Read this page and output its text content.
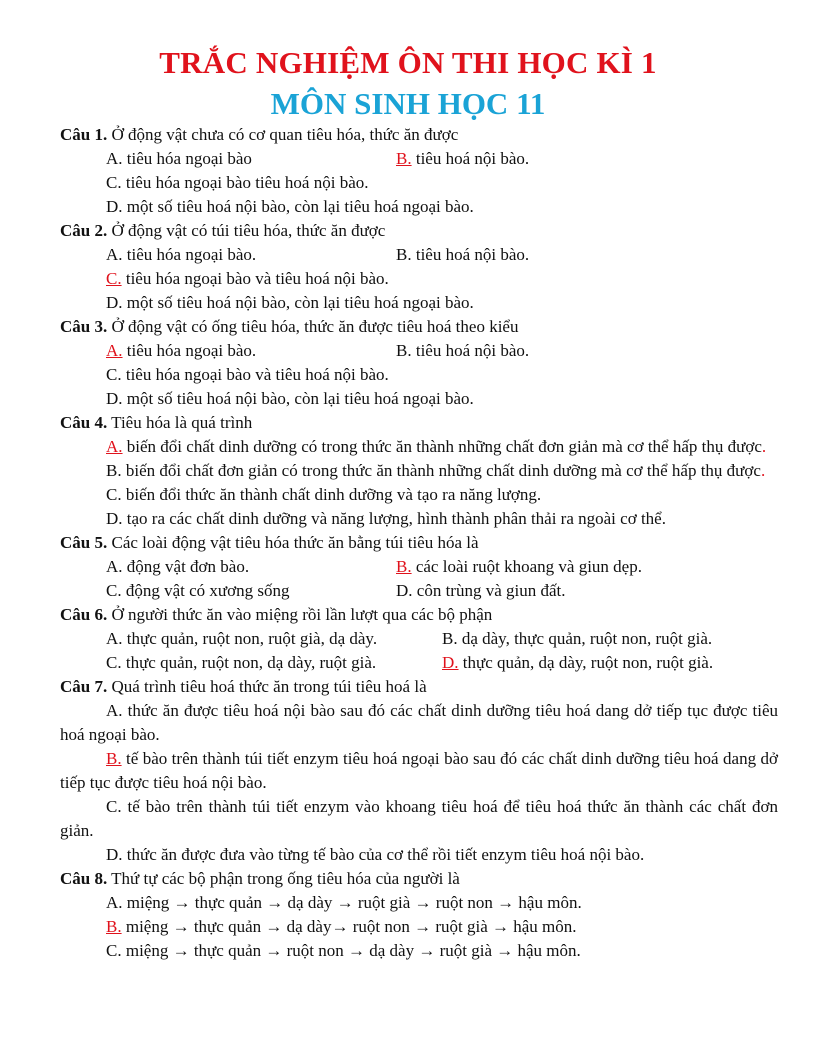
TRẮC NGHIỆM ÔN THI HỌC KÌ 1
MÔN SINH HỌC 11

Câu 1. Ở động vật chưa có cơ quan tiêu hóa, thức ăn được

A. tiêu hóa ngoại bào	B. tiêu hoá nội bào.
C. tiêu hóa ngoại bào tiêu hoá nội bào.
D. một số tiêu hoá nội bào, còn lại tiêu hoá ngoại bào.

Câu 2. Ở động vật có túi tiêu hóa, thức ăn được

A. tiêu hóa ngoại bào.	B. tiêu hoá nội bào.
C. tiêu hóa ngoại bào và tiêu hoá nội bào.
D. một số tiêu hoá nội bào, còn lại tiêu hoá ngoại bào.

Câu 3. Ở động vật có ống tiêu hóa, thức ăn được tiêu hoá theo kiểu

A. tiêu hóa ngoại bào.	B. tiêu hoá nội bào.
C. tiêu hóa ngoại bào và tiêu hoá nội bào.
D. một số tiêu hoá nội bào, còn lại tiêu hoá ngoại bào.

Câu 4. Tiêu hóa là quá trình

A. biến đổi chất dinh dưỡng có trong thức ăn thành những chất đơn giản mà cơ thể hấp thụ được.

B. biến đổi chất đơn giản có trong thức ăn thành những chất dinh dưỡng mà cơ thể hấp thụ được.

C. biến đổi thức ăn thành chất dinh dưỡng và tạo ra năng lượng.
D. tạo ra các chất dinh dưỡng và năng lượng, hình thành phân thải ra ngoài cơ thể.

Câu 5. Các loài động vật tiêu hóa thức ăn bằng túi tiêu hóa là

A. động vật đơn bào.	B. các loài ruột khoang và giun dẹp.
C. động vật có xương sống	D. côn trùng và giun đất.

Câu 6. Ở người thức ăn vào miệng rồi lần lượt qua các bộ phận

A. thực quản, ruột non, ruột già, dạ dày.	B. dạ dày, thực quản, ruột non, ruột già.
C. thực quản, ruột non, dạ dày, ruột già.	D. thực quản, dạ dày, ruột non, ruột già.

Câu 7. Quá trình tiêu hoá thức ăn trong túi tiêu hoá là

A. thức ăn được tiêu hoá nội bào sau đó các chất dinh dưỡng tiêu hoá dang dở tiếp tục được tiêu hoá ngoại bào.

B. tế bào trên thành túi tiết enzym tiêu hoá ngoại bào sau đó các chất dinh dưỡng tiêu hoá dang dở tiếp tục được tiêu hoá nội bào.

C. tế bào trên thành túi tiết enzym vào khoang tiêu hoá để tiêu hoá thức ăn thành các chất đơn giản.

D. thức ăn được đưa vào từng tế bào của cơ thể rồi tiết enzym tiêu hoá nội bào.

Câu 8. Thứ tự các bộ phận trong ống tiêu hóa của người là

A. miệng → thực quản → dạ dày → ruột già → ruột non → hậu môn.
B. miệng → thực quản → dạ dày→ ruột non → ruột già → hậu môn.
C. miệng → thực quản → ruột non → dạ dày → ruột già → hậu môn.
